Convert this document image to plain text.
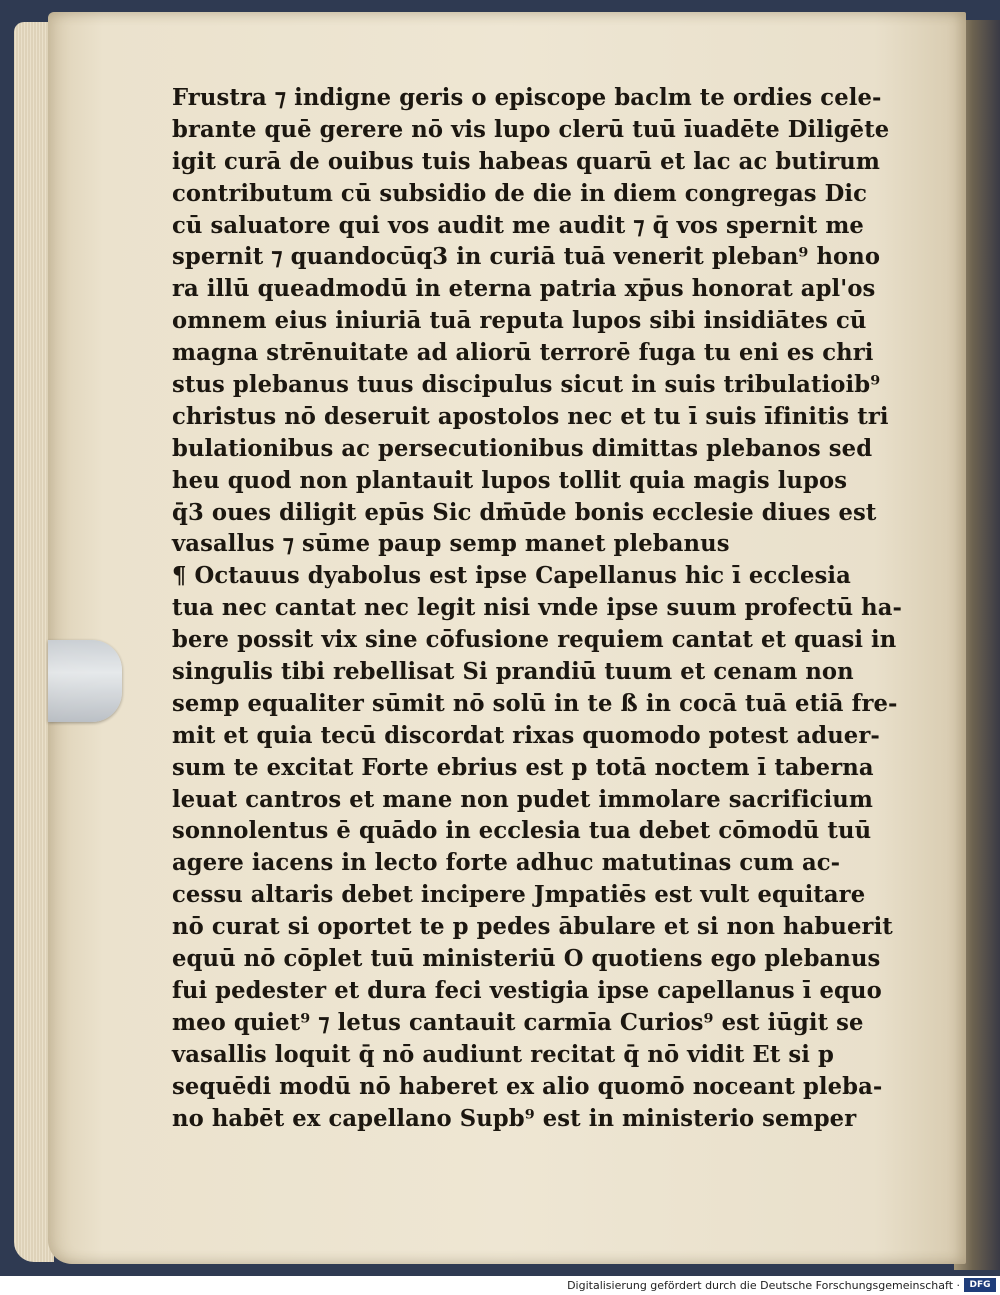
Frustra ⁊ indigne geris o episcope baclm te ordies cele-
brante quē gerere nō vis lupo clerū tuū īuadēte Diligēte
igit curā de ouibus tuis habeas quarū et lac ac butirum
contributum cū subsidio de die in diem congregas Dic
cū saluatore qui vos audit me audit ⁊ q̄ vos spernit me
spernit ⁊ quandocūq3 in curiā tuā venerit pleban⁹ hono
ra illū queadmodū in eterna patria xp̄us honorat apl'os
omnem eius iniuriā tuā reputa lupos sibi insidiātes cū
magna strēnuitate ad aliorū terrorē fuga tu eni es chri
stus plebanus tuus discipulus sicut in suis tribulatioib⁹
christus nō deseruit apostolos nec et tu ī suis īfinitis tri
bulationibus ac persecutionibus dimittas plebanos sed
heu quod non plantauit lupos tollit quia magis lupos
q̄3 oues diligit epūs Sic dm̄ūde bonis ecclesie diues est
vasallus ⁊ sūme paup semp manet plebanus
¶ Octauus dyabolus est ipse Capellanus hic ī ecclesia
tua nec cantat nec legit nisi vnde ipse suum profectū ha-
bere possit vix sine cōfusione requiem cantat et quasi in
singulis tibi rebellisat Si prandiū tuum et cenam non
semp equaliter sūmit nō solū in te ß in cocā tuā etiā fre-
mit et quia tecū discordat rixas quomodo potest aduer-
sum te excitat Forte ebrius est p totā noctem ī taberna
leuat cantros et mane non pudet immolare sacrificium
sonnolentus ē quādo in ecclesia tua debet cōmodū tuū
agere iacens in lecto forte adhuc matutinas cum ac-
cessu altaris debet incipere Jmpatiēs est vult equitare
nō curat si oportet te p pedes ābulare et si non habuerit
equū nō cōplet tuū ministeriū O quotiens ego plebanus
fui pedester et dura feci vestigia ipse capellanus ī equo
meo quiet⁹ ⁊ letus cantauit carmīa Curios⁹ est iūgit se
vasallis loquit q̄ nō audiunt recitat q̄ nō vidit Et si p
sequēdi modū nō haberet ex alio quomō noceant pleba-
no habēt ex capellano Supb⁹ est in ministerio semper
Digitalisierung gefördert durch die Deutsche Forschungsgemeinschaft ·	DFG
